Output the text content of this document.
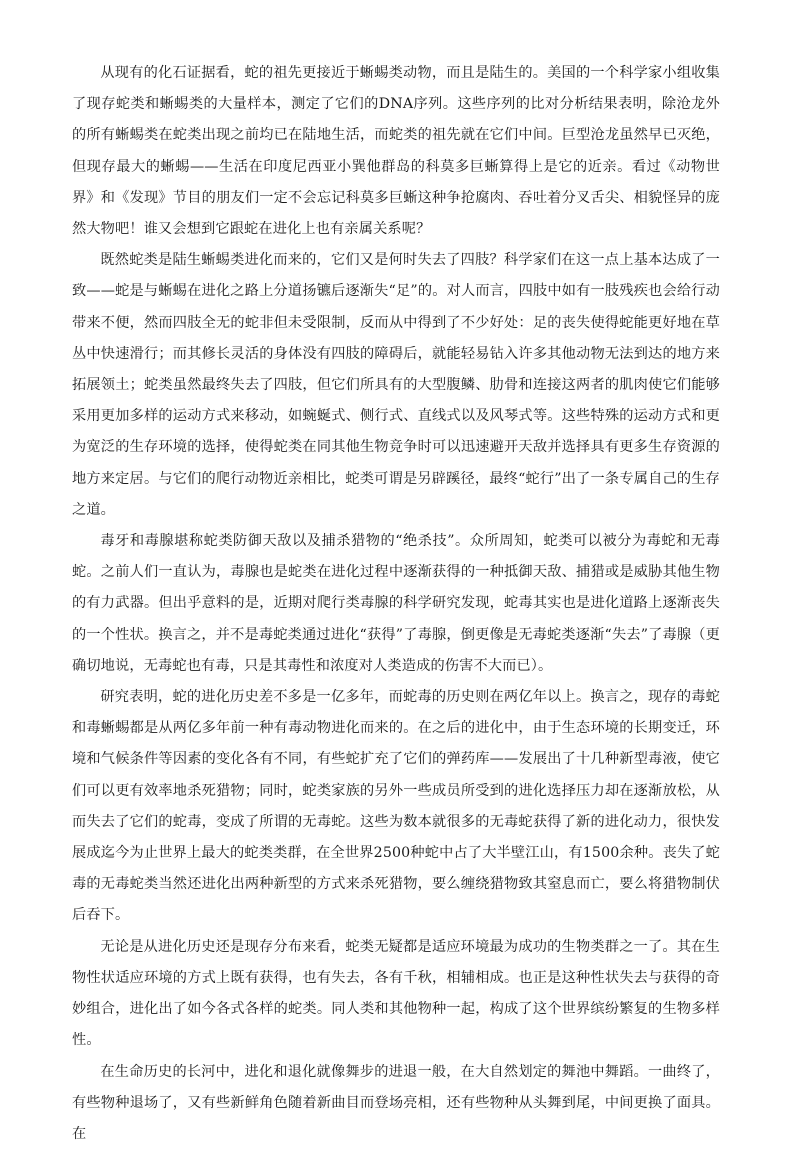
从现有的化石证据看，蛇的祖先更接近于蜥蜴类动物，而且是陆生的。美国的一个科学家小组收集了现存蛇类和蜥蜴类的大量样本，测定了它们的DNA序列。这些序列的比对分析结果表明，除沧龙外的所有蜥蜴类在蛇类出现之前均已在陆地生活，而蛇类的祖先就在它们中间。巨型沧龙虽然早已灭绝，但现存最大的蜥蜴——生活在印度尼西亚小巽他群岛的科莫多巨蜥算得上是它的近亲。看过《动物世界》和《发现》节目的朋友们一定不会忘记科莫多巨蜥这种争抢腐肉、吞吐着分叉舌尖、相貌怪异的庞然大物吧！谁又会想到它跟蛇在进化上也有亲属关系呢？

既然蛇类是陆生蜥蜴类进化而来的，它们又是何时失去了四肢？科学家们在这一点上基本达成了一致——蛇是与蜥蜴在进化之路上分道扬镳后逐渐失“足”的。对人而言，四肢中如有一肢残疾也会给行动带来不便，然而四肢全无的蛇非但未受限制，反而从中得到了不少好处：足的丧失使得蛇能更好地在草丛中快速滑行；而其修长灵活的身体没有四肢的障碍后，就能轻易钻入许多其他动物无法到达的地方来拓展领土；蛇类虽然最终失去了四肢，但它们所具有的大型腹鳞、肋骨和连接这两者的肌肉使它们能够采用更加多样的运动方式来移动，如蜿蜒式、侧行式、直线式以及风琴式等。这些特殊的运动方式和更为宽泛的生存环境的选择，使得蛇类在同其他生物竞争时可以迅速避开天敌并选择具有更多生存资源的地方来定居。与它们的爬行动物近亲相比，蛇类可谓是另辟蹊径，最终“蛇行”出了一条专属自己的生存之道。

毒牙和毒腺堪称蛇类防御天敌以及捕杀猎物的“绝杀技”。众所周知，蛇类可以被分为毒蛇和无毒蛇。之前人们一直认为，毒腺也是蛇类在进化过程中逐渐获得的一种抵御天敌、捕猎或是威胁其他生物的有力武器。但出乎意料的是，近期对爬行类毒腺的科学研究发现，蛇毒其实也是进化道路上逐渐丧失的一个性状。换言之，并不是毒蛇类通过进化“获得”了毒腺，倒更像是无毒蛇类逐渐“失去”了毒腺（更确切地说，无毒蛇也有毒，只是其毒性和浓度对人类造成的伤害不大而已）。

研究表明，蛇的进化历史差不多是一亿多年，而蛇毒的历史则在两亿年以上。换言之，现存的毒蛇和毒蜥蜴都是从两亿多年前一种有毒动物进化而来的。在之后的进化中，由于生态环境的长期变迁，环境和气候条件等因素的变化各有不同，有些蛇扩充了它们的弹药库——发展出了十几种新型毒液，使它们可以更有效率地杀死猎物；同时，蛇类家族的另外一些成员所受到的进化选择压力却在逐渐放松，从而失去了它们的蛇毒，变成了所谓的无毒蛇。这些为数本就很多的无毒蛇获得了新的进化动力，很快发展成迄今为止世界上最大的蛇类类群，在全世界2500种蛇中占了大半壁江山，有1500余种。丧失了蛇毒的无毒蛇类当然还进化出两种新型的方式来杀死猎物，要么缠绕猎物致其窒息而亡，要么将猎物制伏后吞下。

无论是从进化历史还是现存分布来看，蛇类无疑都是适应环境最为成功的生物类群之一了。其在生物性状适应环境的方式上既有获得，也有失去，各有千秋，相辅相成。也正是这种性状失去与获得的奇妙组合，进化出了如今各式各样的蛇类。同人类和其他物种一起，构成了这个世界缤纷繁复的生物多样性。

在生命历史的长河中，进化和退化就像舞步的进退一般，在大自然划定的舞池中舞蹈。一曲终了，有些物种退场了，又有些新鲜角色随着新曲目而登场亮相，还有些物种从头舞到尾，中间更换了面具。在
